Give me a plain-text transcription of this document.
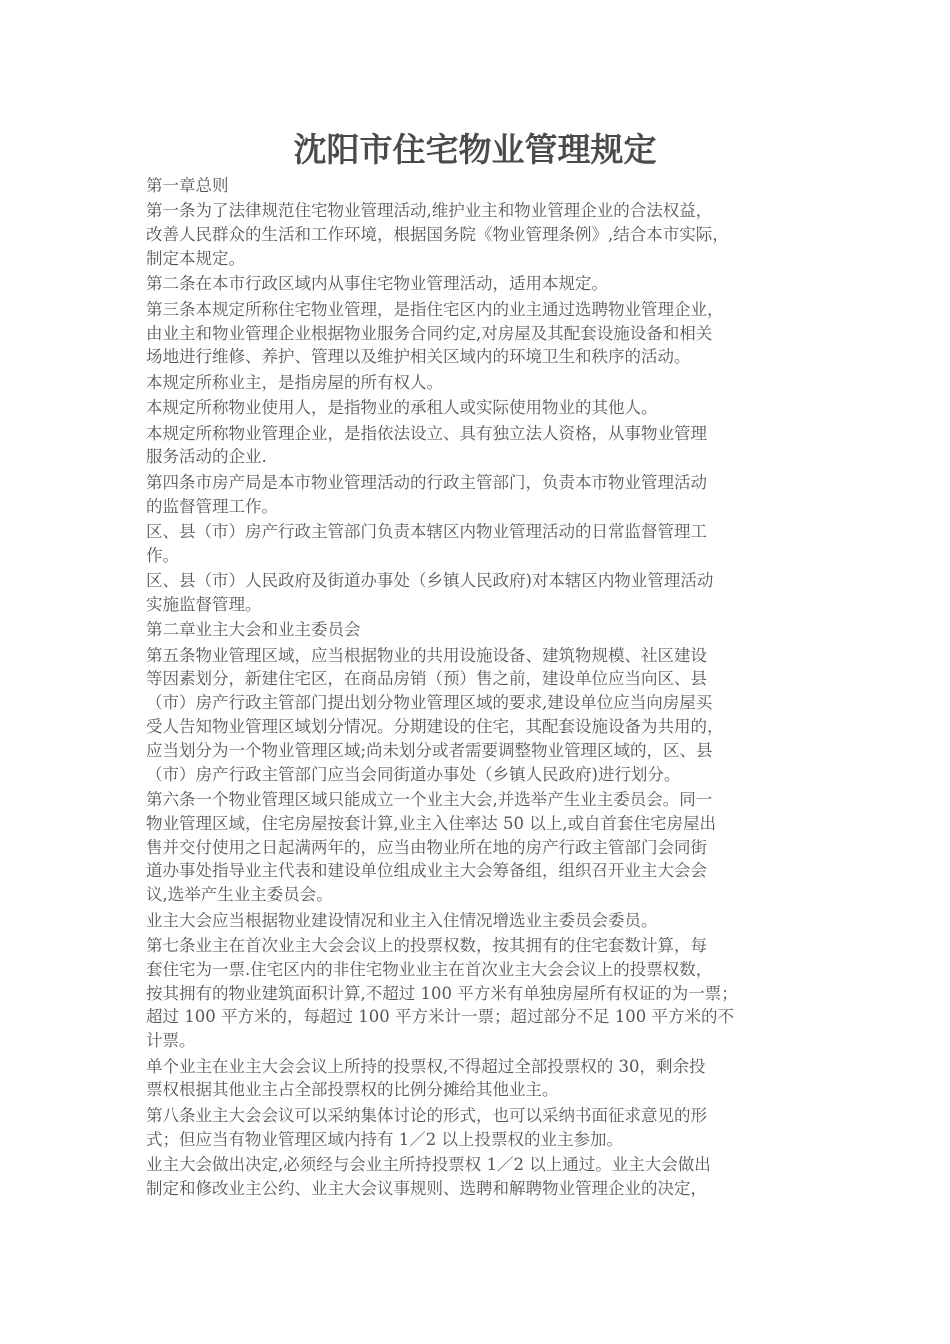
沈阳市住宅物业管理规定

第一章总则

第一条为了法律规范住宅物业管理活动,维护业主和物业管理企业的合法权益，
改善人民群众的生活和工作环境，根据国务院《物业管理条例》,结合本市实际，
制定本规定。

第二条在本市行政区域内从事住宅物业管理活动，适用本规定。

第三条本规定所称住宅物业管理，是指住宅区内的业主通过选聘物业管理企业，
由业主和物业管理企业根据物业服务合同约定,对房屋及其配套设施设备和相关
场地进行维修、养护、管理以及维护相关区域内的环境卫生和秩序的活动。

本规定所称业主，是指房屋的所有权人。

本规定所称物业使用人，是指物业的承租人或实际使用物业的其他人。

本规定所称物业管理企业，是指依法设立、具有独立法人资格，从事物业管理
服务活动的企业.

第四条市房产局是本市物业管理活动的行政主管部门，负责本市物业管理活动
的监督管理工作。

区、县（市）房产行政主管部门负责本辖区内物业管理活动的日常监督管理工
作。

区、县（市）人民政府及街道办事处（乡镇人民政府)对本辖区内物业管理活动
实施监督管理。

第二章业主大会和业主委员会

第五条物业管理区域，应当根据物业的共用设施设备、建筑物规模、社区建设
等因素划分，新建住宅区，在商品房销（预）售之前，建设单位应当向区、县
（市）房产行政主管部门提出划分物业管理区域的要求,建设单位应当向房屋买
受人告知物业管理区域划分情况。分期建设的住宅，其配套设施设备为共用的，
应当划分为一个物业管理区域;尚未划分或者需要调整物业管理区域的，区、县
（市）房产行政主管部门应当会同街道办事处（乡镇人民政府)进行划分。

第六条一个物业管理区域只能成立一个业主大会,并选举产生业主委员会。同一
物业管理区域，住宅房屋按套计算,业主入住率达 50 以上,或自首套住宅房屋出
售并交付使用之日起满两年的，应当由物业所在地的房产行政主管部门会同街
道办事处指导业主代表和建设单位组成业主大会筹备组，组织召开业主大会会
议,选举产生业主委员会。

业主大会应当根据物业建设情况和业主入住情况增选业主委员会委员。

第七条业主在首次业主大会会议上的投票权数，按其拥有的住宅套数计算，每
套住宅为一票.住宅区内的非住宅物业业主在首次业主大会会议上的投票权数，
按其拥有的物业建筑面积计算,不超过 100 平方米有单独房屋所有权证的为一票；
超过 100 平方米的，每超过 100 平方米计一票；超过部分不足 100 平方米的不
计票。

单个业主在业主大会会议上所持的投票权,不得超过全部投票权的 30，剩余投
票权根据其他业主占全部投票权的比例分摊给其他业主。

第八条业主大会会议可以采纳集体讨论的形式，也可以采纳书面征求意见的形
式；但应当有物业管理区域内持有 1／2 以上投票权的业主参加。

业主大会做出决定,必须经与会业主所持投票权 1／2 以上通过。业主大会做出
制定和修改业主公约、业主大会议事规则、选聘和解聘物业管理企业的决定，
